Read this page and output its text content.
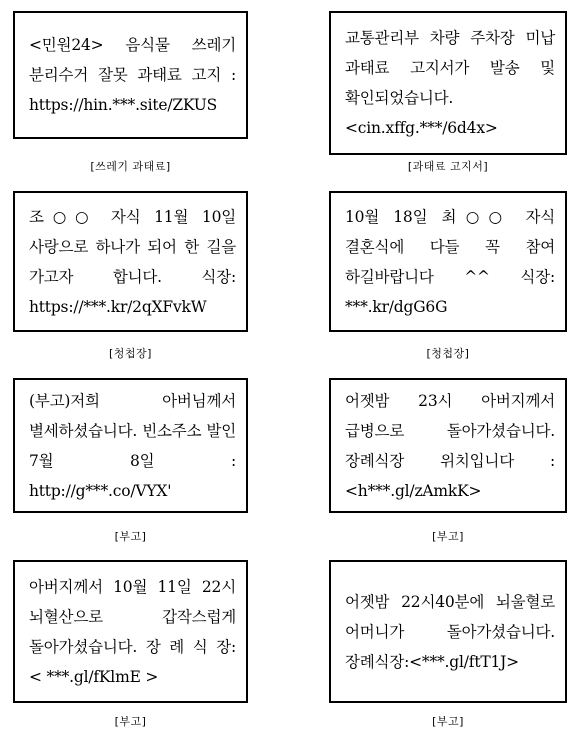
<민원24> 음식물 쓰레기 분리수거 잘못 과태료 고지 : https://hin.***.site/ZKUS
[쓰레기 과태료]
교통관리부 차량 주차장 미납 과태료 고지서가 발송 및 확인되었습니다.<cin.xffg.***/6d4x>
[과태료 고지서]
조○○ 자식 11월 10일 사랑으로 하나가 되어 한 길을 가고자 합니다. 식장: https://***.kr/2qXFvkW
[청첩장]
10월 18일 최○○ 자식 결혼식에 다들 꼭 참여 하길바랍니다 ^^ 식장: ***.kr/dgG6G
[청첩장]
(부고)저희 아버님께서 별세하셨습니다. 빈소주소 발인 7월 8일 : http://g***.co/VYX'
[부고]
어젯밤 23시 아버지께서 급병으로 돌아가셨습니다. 장례식장 위치입니다 :<h***.gl/zAmkK>
[부고]
아버지께서 10월 11일 22시 뇌혈산으로 갑작스럽게 돌아가셨습니다. 장 례 식 장: < ***.gl/fKlmE >
[부고]
어젯밤 22시40분에 뇌울혈로 어머니가 돌아가셨습니다. 장례식장:<***.gl/ftT1J>
[부고]
